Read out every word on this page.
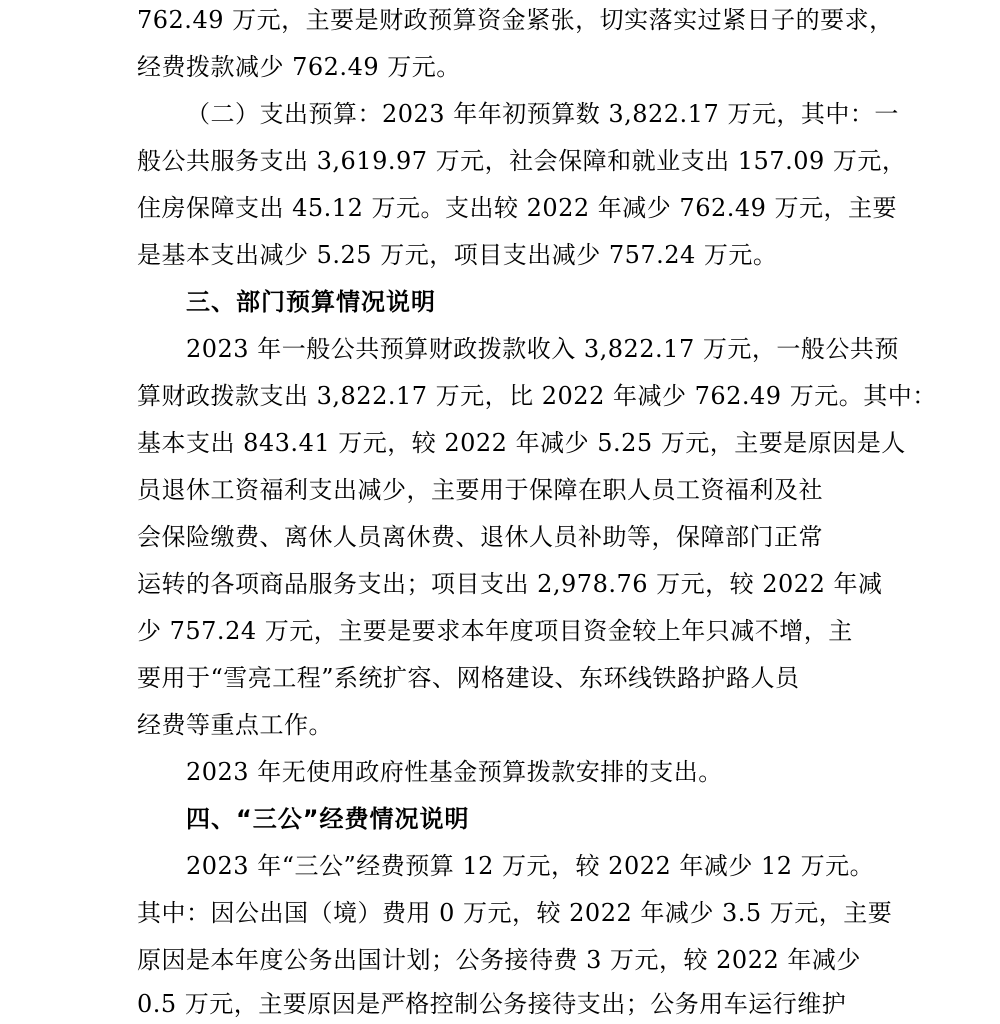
762.49 万元，主要是财政预算资金紧张，切实落实过紧日子的要求，
经费拨款减少 762.49 万元。
（二）支出预算：2023 年年初预算数 3,822.17 万元，其中：一
般公共服务支出 3,619.97 万元，社会保障和就业支出 157.09 万元，
住房保障支出 45.12 万元。支出较 2022 年减少 762.49 万元，主要
是基本支出减少 5.25 万元，项目支出减少 757.24 万元。
三、部门预算情况说明
2023 年一般公共预算财政拨款收入 3,822.17 万元，一般公共预
算财政拨款支出 3,822.17 万元，比 2022 年减少 762.49 万元。其中：
基本支出 843.41 万元，较 2022 年减少 5.25 万元，主要是原因是人
员退休工资福利支出减少，主要用于保障在职人员工资福利及社
会保险缴费、离休人员离休费、退休人员补助等，保障部门正常
运转的各项商品服务支出；项目支出 2,978.76 万元，较 2022 年减
少 757.24 万元，主要是要求本年度项目资金较上年只减不增，主
要用于“雪亮工程”系统扩容、网格建设、东环线铁路护路人员
经费等重点工作。
2023 年无使用政府性基金预算拨款安排的支出。
四、“三公”经费情况说明
2023 年“三公”经费预算 12 万元，较 2022 年减少 12 万元。
其中：因公出国（境）费用 0 万元，较 2022 年减少 3.5 万元，主要
原因是本年度公务出国计划；公务接待费 3 万元，较 2022 年减少
0.5 万元，主要原因是严格控制公务接待支出；公务用车运行维护
